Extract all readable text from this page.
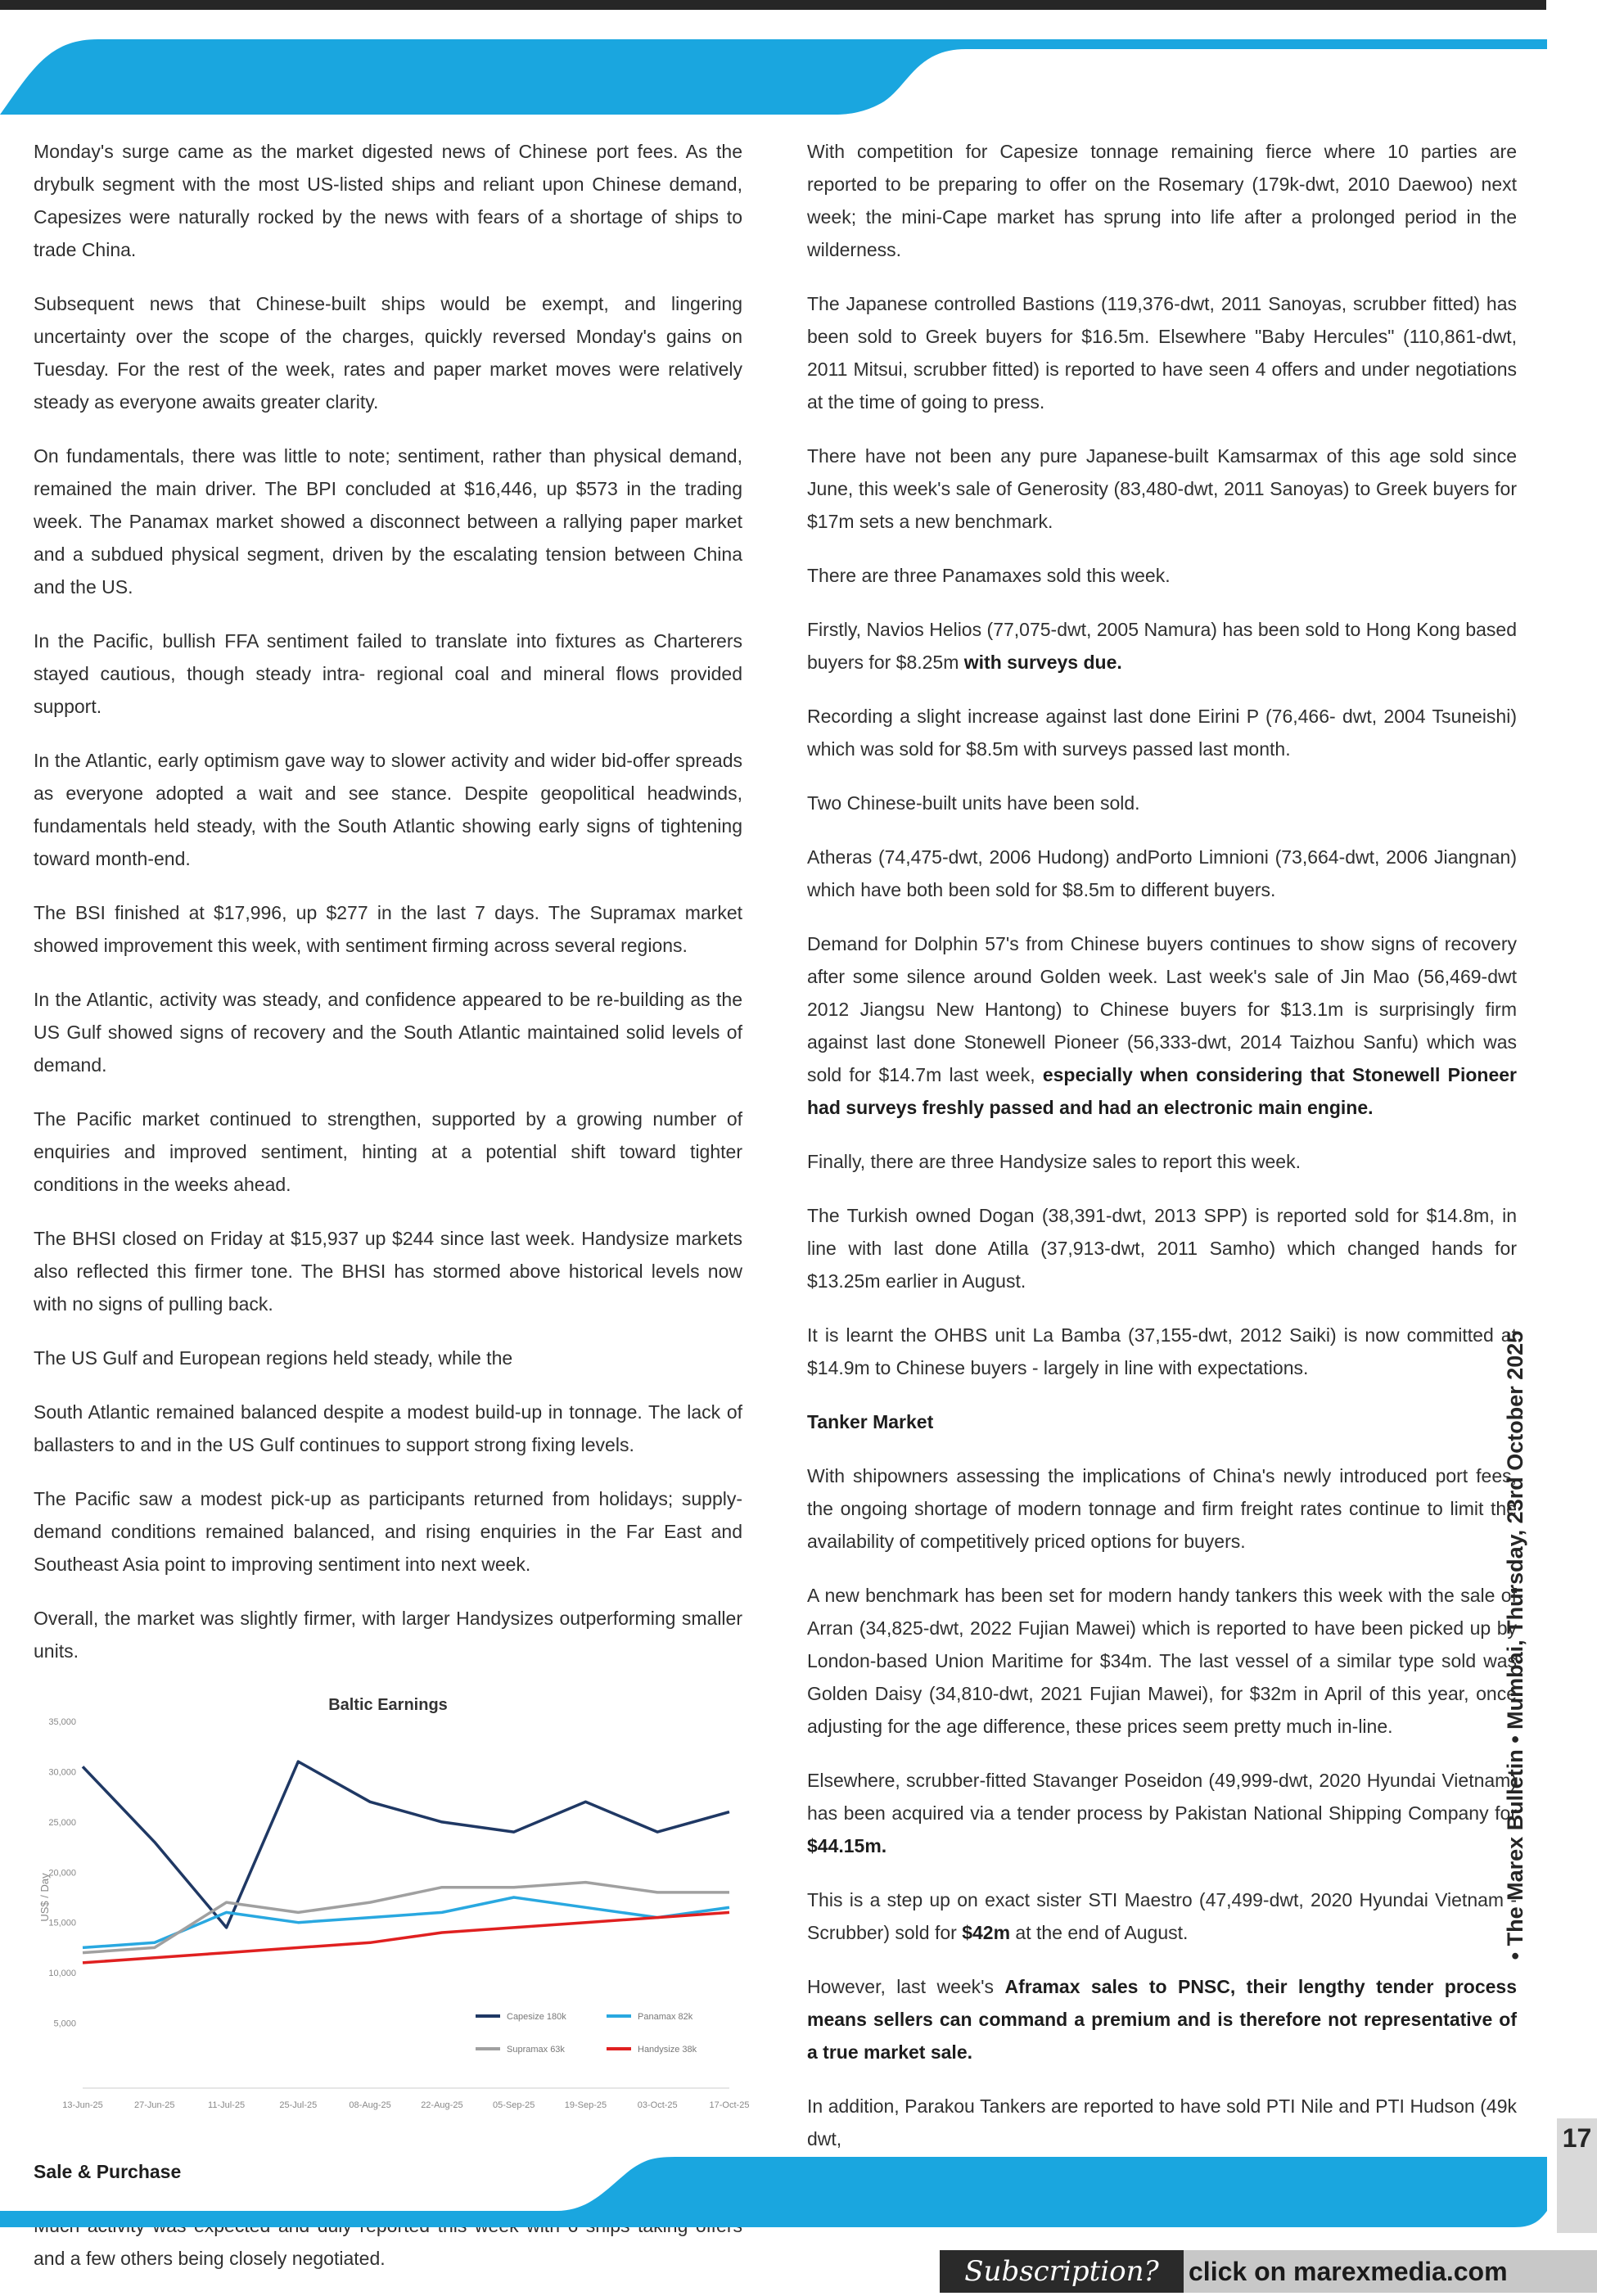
Monday's surge came as the market digested news of Chinese port fees. As the drybulk segment with the most US-listed ships and reliant upon Chinese demand, Capesizes were naturally rocked by the news with fears of a shortage of ships to trade China.

Subsequent news that Chinese-built ships would be exempt, and lingering uncertainty over the scope of the charges, quickly reversed Monday's gains on Tuesday. For the rest of the week, rates and paper market moves were relatively steady as everyone awaits greater clarity.

On fundamentals, there was little to note; sentiment, rather than physical demand, remained the main driver. The BPI concluded at $16,446, up $573 in the trading week. The Panamax market showed a disconnect between a rallying paper market and a subdued physical segment, driven by the escalating tension between China and the US.

In the Pacific, bullish FFA sentiment failed to translate into fixtures as Charterers stayed cautious, though steady intra- regional coal and mineral flows provided support.

In the Atlantic, early optimism gave way to slower activity and wider bid-offer spreads as everyone adopted a wait and see stance. Despite geopolitical headwinds, fundamentals held steady, with the South Atlantic showing early signs of tightening toward month-end.

The BSI finished at $17,996, up $277 in the last 7 days. The Supramax market showed improvement this week, with sentiment firming across several regions.

In the Atlantic, activity was steady, and confidence appeared to be re-building as the US Gulf showed signs of recovery and the South Atlantic maintained solid levels of demand.

The Pacific market continued to strengthen, supported by a growing number of enquiries and improved sentiment, hinting at a potential shift toward tighter conditions in the weeks ahead.

The BHSI closed on Friday at $15,937 up $244 since last week. Handysize markets also reflected this firmer tone. The BHSI has stormed above historical levels now with no signs of pulling back.

The US Gulf and European regions held steady, while the

South Atlantic remained balanced despite a modest build-up in tonnage. The lack of ballasters to and in the US Gulf continues to support strong fixing levels.

The Pacific saw a modest pick-up as participants returned from holidays; supply-demand conditions remained balanced, and rising enquiries in the Far East and Southeast Asia point to improving sentiment into next week.

Overall, the market was slightly firmer, with larger Handysizes outperforming smaller units.

Baltic Earnings
US$ / Day
5,000
10,000
15,000
20,000
25,000
30,000
35,000
13-Jun-25	27-Jun-25	11-Jul-25	25-Jul-25	08-Aug-25	22-Aug-25	05-Sep-25	19-Sep-25	03-Oct-25	17-Oct-25
Capesize 180k	Panamax 82k
Supramax 63k	Handysize 38k

Sale & Purchase

and a few others being closely negotiated.

With competition for Capesize tonnage remaining fierce where 10 parties are reported to be preparing to offer on the Rosemary (179k-dwt, 2010 Daewoo) next week; the mini-Cape market has sprung into life after a prolonged period in the wilderness.

The Japanese controlled Bastions (119,376-dwt, 2011 Sanoyas, scrubber fitted) has been sold to Greek buyers for $16.5m. Elsewhere "Baby Hercules" (110,861-dwt, 2011 Mitsui, scrubber fitted) is reported to have seen 4 offers and under negotiations at the time of going to press.

There have not been any pure Japanese-built Kamsarmax of this age sold since June, this week's sale of Generosity (83,480-dwt, 2011 Sanoyas) to Greek buyers for $17m sets a new benchmark.

There are three Panamaxes sold this week.

Firstly, Navios Helios (77,075-dwt, 2005 Namura) has been sold to Hong Kong based buyers for $8.25m with surveys due.

Recording a slight increase against last done Eirini P (76,466- dwt, 2004 Tsuneishi) which was sold for $8.5m with surveys passed last month.

Two Chinese-built units have been sold.

Atheras (74,475-dwt, 2006 Hudong) andPorto Limnioni (73,664-dwt, 2006 Jiangnan) which have both been sold for $8.5m to different buyers.

Demand for Dolphin 57's from Chinese buyers continues to show signs of recovery after some silence around Golden week. Last week's sale of Jin Mao (56,469-dwt 2012 Jiangsu New Hantong) to Chinese buyers for $13.1m is surprisingly firm against last done Stonewell Pioneer (56,333-dwt, 2014 Taizhou Sanfu) which was sold for $14.7m last week, especially when considering that Stonewell Pioneer had surveys freshly passed and had an electronic main engine.

Finally, there are three Handysize sales to report this week.

The Turkish owned Dogan (38,391-dwt, 2013 SPP) is reported sold for $14.8m, in line with last done Atilla (37,913-dwt, 2011 Samho) which changed hands for $13.25m earlier in August.

It is learnt the OHBS unit La Bamba (37,155-dwt, 2012 Saiki) is now committed at $14.9m to Chinese buyers - largely in line with expectations.

Tanker Market

With shipowners assessing the implications of China's newly introduced port fees, the ongoing shortage of modern tonnage and firm freight rates continue to limit the availability of competitively priced options for buyers.

A new benchmark has been set for modern handy tankers this week with the sale of Arran (34,825-dwt, 2022 Fujian Mawei) which is reported to have been picked up by London-based Union Maritime for $34m. The last vessel of a similar type sold was Golden Daisy (34,810-dwt, 2021 Fujian Mawei), for $32m in April of this year, once adjusting for the age difference, these prices seem pretty much in-line.

Elsewhere, scrubber-fitted Stavanger Poseidon (49,999-dwt, 2020 Hyundai Vietnam) has been acquired via a tender process by Pakistan National Shipping Company for $44.15m.

This is a step up on exact sister STI Maestro (47,499-dwt, 2020 Hyundai Vietnam - Scrubber) sold for $42m at the end of August.

However, last week's Aframax sales to PNSC, their lengthy tender process means sellers can command a premium and is therefore not representative of a true market sale.

In addition, Parakou Tankers are reported to have sold PTI Nile and PTI Hudson (49k dwt,

• The Marex Bulletin • Mumbai, Thursday, 23rd October 2025
17
Subscription?	click on marexmedia.com
